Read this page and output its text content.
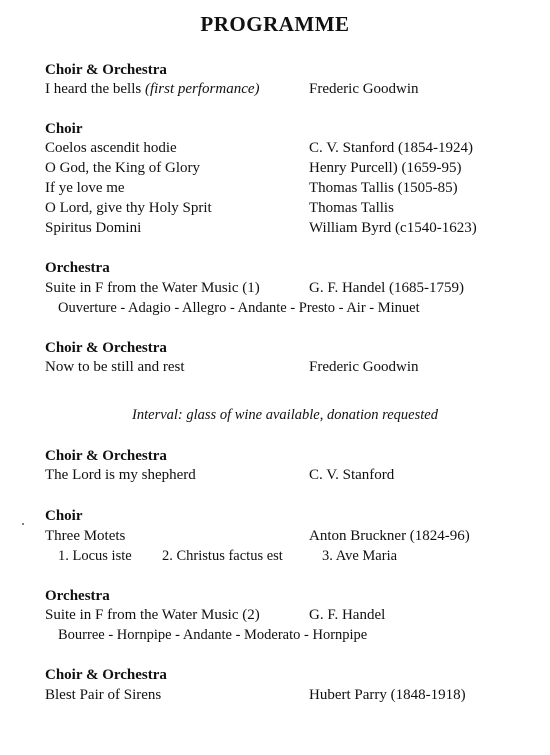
PROGRAMME
Choir & Orchestra
I heard the bells (first performance)	Frederic Goodwin
Choir
Coelos ascendit hodie	C. V. Stanford (1854-1924)
O God, the King of Glory	Henry Purcell) (1659-95)
If ye love me	Thomas Tallis (1505-85)
O Lord, give thy Holy Sprit	Thomas Tallis
Spiritus Domini	William Byrd (c1540-1623)
Orchestra
Suite in F from the Water Music (1)	G. F. Handel (1685-1759)
Ouverture - Adagio - Allegro - Andante - Presto - Air - Minuet
Choir & Orchestra
Now to be still and rest	Frederic Goodwin
Interval: glass of wine available, donation requested
Choir & Orchestra
The Lord is my shepherd	C. V. Stanford
Choir
Three Motets	Anton Bruckner (1824-96)
1. Locus iste 2. Christus factus est	3. Ave Maria
Orchestra
Suite in F from the Water Music (2)	G. F. Handel
Bourree - Hornpipe - Andante - Moderato - Hornpipe
Choir & Orchestra
Blest Pair of Sirens	Hubert Parry (1848-1918)
